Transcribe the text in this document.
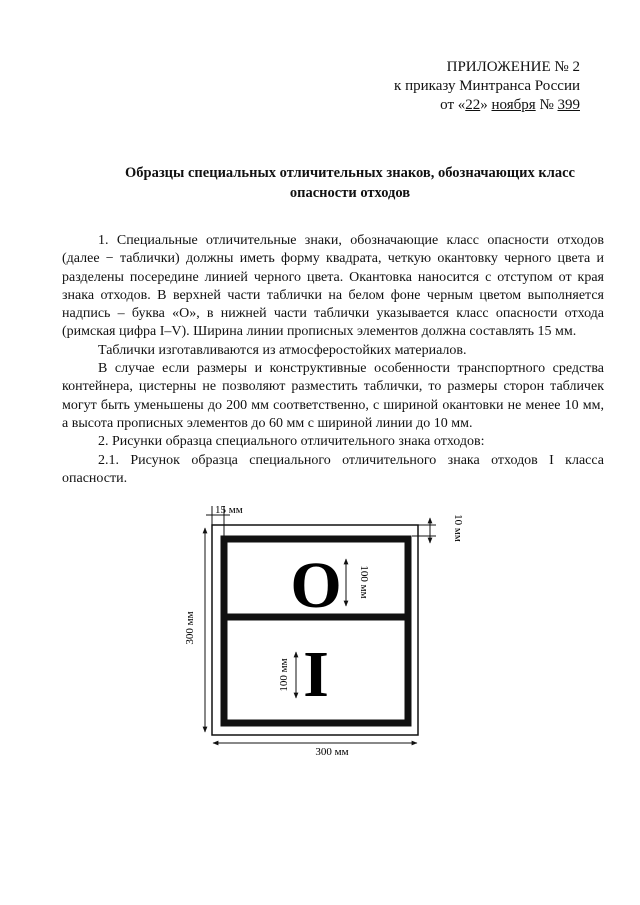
ПРИЛОЖЕНИЕ № 2
к приказу Минтранса России
от «22» ноября № 399
Образцы специальных отличительных знаков, обозначающих класс
опасности отходов

1. Специальные отличительные знаки, обозначающие класс опасности отходов (далее − таблички) должны иметь форму квадрата, четкую окантовку черного цвета и разделены посередине линией черного цвета. Окантовка наносится с отступом от края знака отходов. В верхней части таблички на белом фоне черным цветом выполняется надпись – буква «О», в нижней части таблички указывается класс опасности отхода (римская цифра I–V). Ширина линии прописных элементов должна составлять 15 мм.

Таблички изготавливаются из атмосферостойких материалов.

В случае если размеры и конструктивные особенности транспортного средства контейнера, цистерны не позволяют разместить таблички, то размеры сторон табличек могут быть уменьшены до 200 мм соответственно, с шириной окантовки не менее 10 мм, а высота прописных элементов до 60 мм с шириной линии до 10 мм.

2. Рисунки образца специального отличительного знака отходов:

2.1. Рисунок образца специального отличительного знака отходов I класса опасности.

O
I
15 мм
10 мм
300 мм
300 мм
100 мм
100 мм
